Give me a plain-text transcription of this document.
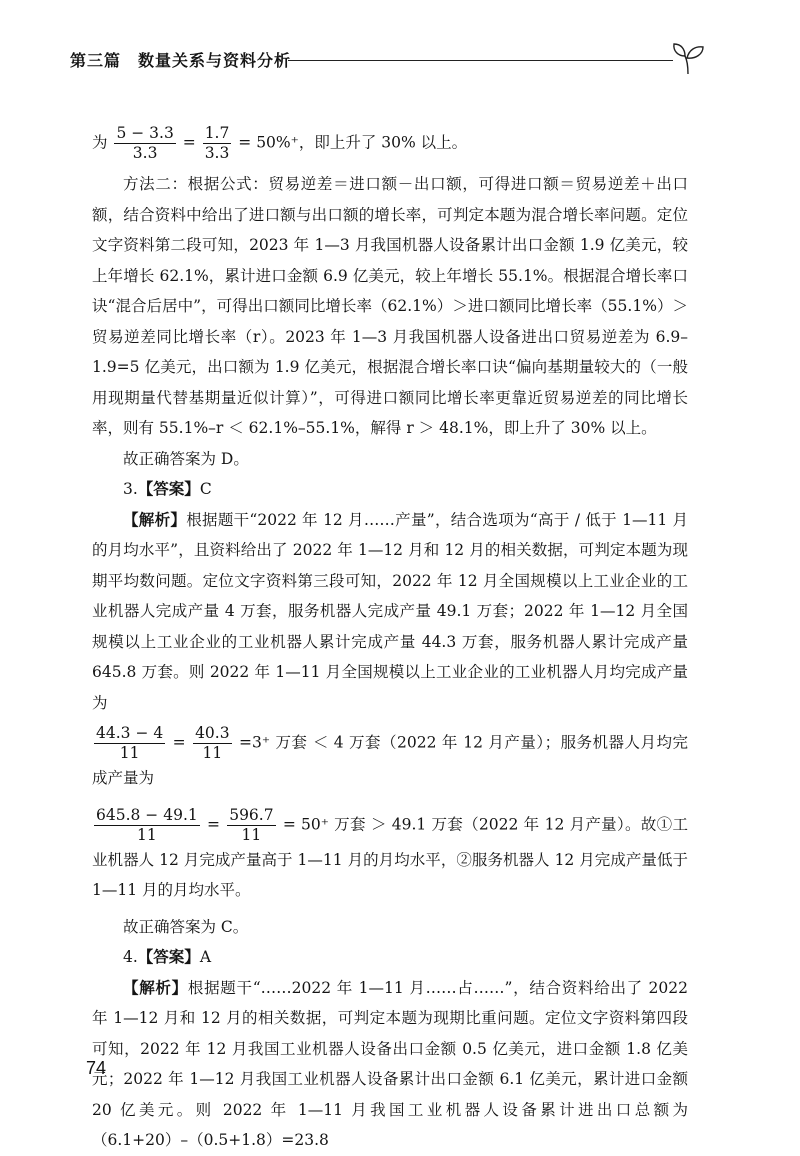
第三篇　数量关系与资料分析

为 $\frac{5 - 3.3}{3.3} = \frac{1.7}{3.3} = 50\%^+$，即上升了 30% 以上。

方法二：根据公式：贸易逆差＝进口额－出口额，可得进口额＝贸易逆差＋出口额，结合资料中给出了进口额与出口额的增长率，可判定本题为混合增长率问题。定位文字资料第二段可知，2023 年 1—3 月我国机器人设备累计出口金额 1.9 亿美元，较上年增长 62.1%，累计进口金额 6.9 亿美元，较上年增长 55.1%。根据混合增长率口诀“混合后居中”，可得出口额同比增长率（62.1%）＞进口额同比增长率（55.1%）＞贸易逆差同比增长率（r）。2023 年 1—3 月我国机器人设备进出口贸易逆差为 6.9–1.9=5 亿美元，出口额为 1.9 亿美元，根据混合增长率口诀“偏向基期量较大的（一般用现期量代替基期量近似计算）”，可得进口额同比增长率更靠近贸易逆差的同比增长率，则有 55.1%–r ＜ 62.1%–55.1%，解得 r ＞ 48.1%，即上升了 30% 以上。

故正确答案为 D。

3.【答案】C

【解析】根据题干“2022 年 12 月……产量”，结合选项为“高于 / 低于 1—11 月的月均水平”，且资料给出了 2022 年 1—12 月和 12 月的相关数据，可判定本题为现期平均数问题。定位文字资料第三段可知，2022 年 12 月全国规模以上工业企业的工业机器人完成产量 4 万套，服务机器人完成产量 49.1 万套；2022 年 1—12 月全国规模以上工业企业的工业机器人累计完成产量 44.3 万套，服务机器人累计完成产量 645.8 万套。则 2022 年 1—11 月全国规模以上工业企业的工业机器人月均完成产量为

$\frac{44.3 - 4}{11} = \frac{40.3}{11} =3^+$ 万套 ＜ 4 万套（2022 年 12 月产量）；服务机器人月均完成产量为

$\frac{645.8 - 49.1}{11} = \frac{596.7}{11} = 50^+$ 万套 ＞ 49.1 万套（2022 年 12 月产量）。故①工业机器人 12 月完成产量高于 1—11 月的月均水平，②服务机器人 12 月完成产量低于 1—11 月的月均水平。

故正确答案为 C。

4.【答案】A

【解析】根据题干“……2022 年 1—11 月……占……”，结合资料给出了 2022 年 1—12 月和 12 月的相关数据，可判定本题为现期比重问题。定位文字资料第四段可知，2022 年 12 月我国工业机器人设备出口金额 0.5 亿美元，进口金额 1.8 亿美元；2022 年 1—12 月我国工业机器人设备累计出口金额 6.1 亿美元，累计进口金额 20 亿美元。则 2022 年 1—11 月我国工业机器人设备累计进出口总额为（6.1+20）–（0.5+1.8）=23.8

74
